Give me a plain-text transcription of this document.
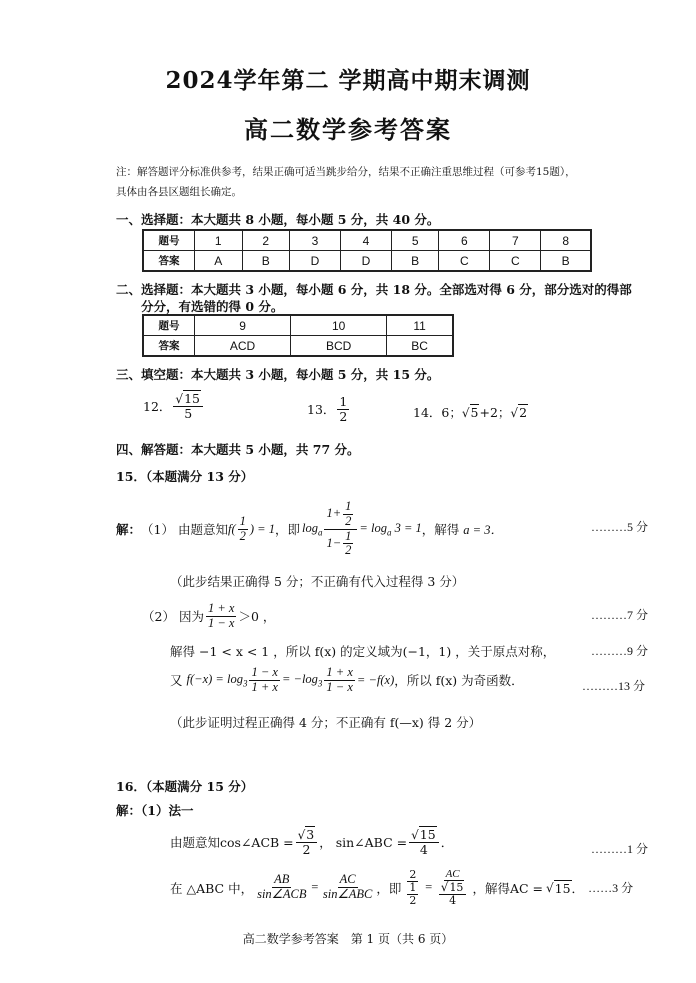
2024学年第二 学期高中期末调测
高二数学参考答案
注：解答题评分标准供参考，结果正确可适当跳步给分，结果不正确注重思维过程（可参考15题），
具体由各县区题组长确定。
一、选择题：本大题共 8 小题，每小题 5 分，共 40 分。
题号	1	2	3	4	5	6	7	8
答案	A	B	D	D	B	C	C	B
二、选择题：本大题共 3 小题，每小题 6 分，共 18 分。全部选对得 6 分，部分选对的得部
分分，有选错的得 0 分。
题号	9	10	11
答案	ACD	BCD	BC
三、填空题：本大题共 3 小题，每小题 5 分，共 15 分。
12． $\frac{√15}{5}$	13． $\frac{1}{2}$	14．6；√5+2；√2
四、解答题：本大题共 5 小题，共 77 分。
15．（本题满分 13 分）
解： （1） 由题意知 $f( \frac{1}{2}$ ) = 1 ，即 $\log_a \frac{1+ \frac{1}{2}}{1- \frac{1}{2}} = \log_a 3 = 1$ ，解得 a = 3．	………5 分
（此步结果正确得 5 分；不正确有代入过程得 3 分）
（2） 因为 $\frac{1 + x}{1 - x} >0$ ，	………7 分
解得 −1 < x < 1 ，所以 f(x) 的定义域为(−1，1) ，关于原点对称，	………9 分
又 $f(-x) = \log_3 \frac{1 - x}{1 + x} = -\log_3 \frac{1 + x}{1 - x} = -f(x)$ ，所以 f(x) 为奇函数．	………13 分
（此步证明过程正确得 4 分；不正确有 f(—x) 得 2 分）
16．（本题满分 15 分）
解：（1）法一
由题意知cos∠ACB = $\frac{√3}{2}$ ， sin∠ABC = $\frac{√15}{4}$ ．	………1 分
在 △ABC 中， $\frac{AB}{\text{sin∠ACB}} = \frac{AC}{\text{sin∠ABC}}$ ，即 $\frac{2}{\frac{1}{2}} = \frac{AC}{\frac{√15}{4}}$ ，解得AC = √ 15 ． ……3 分
高二数学参考答案　第 1 页（共 6 页）
